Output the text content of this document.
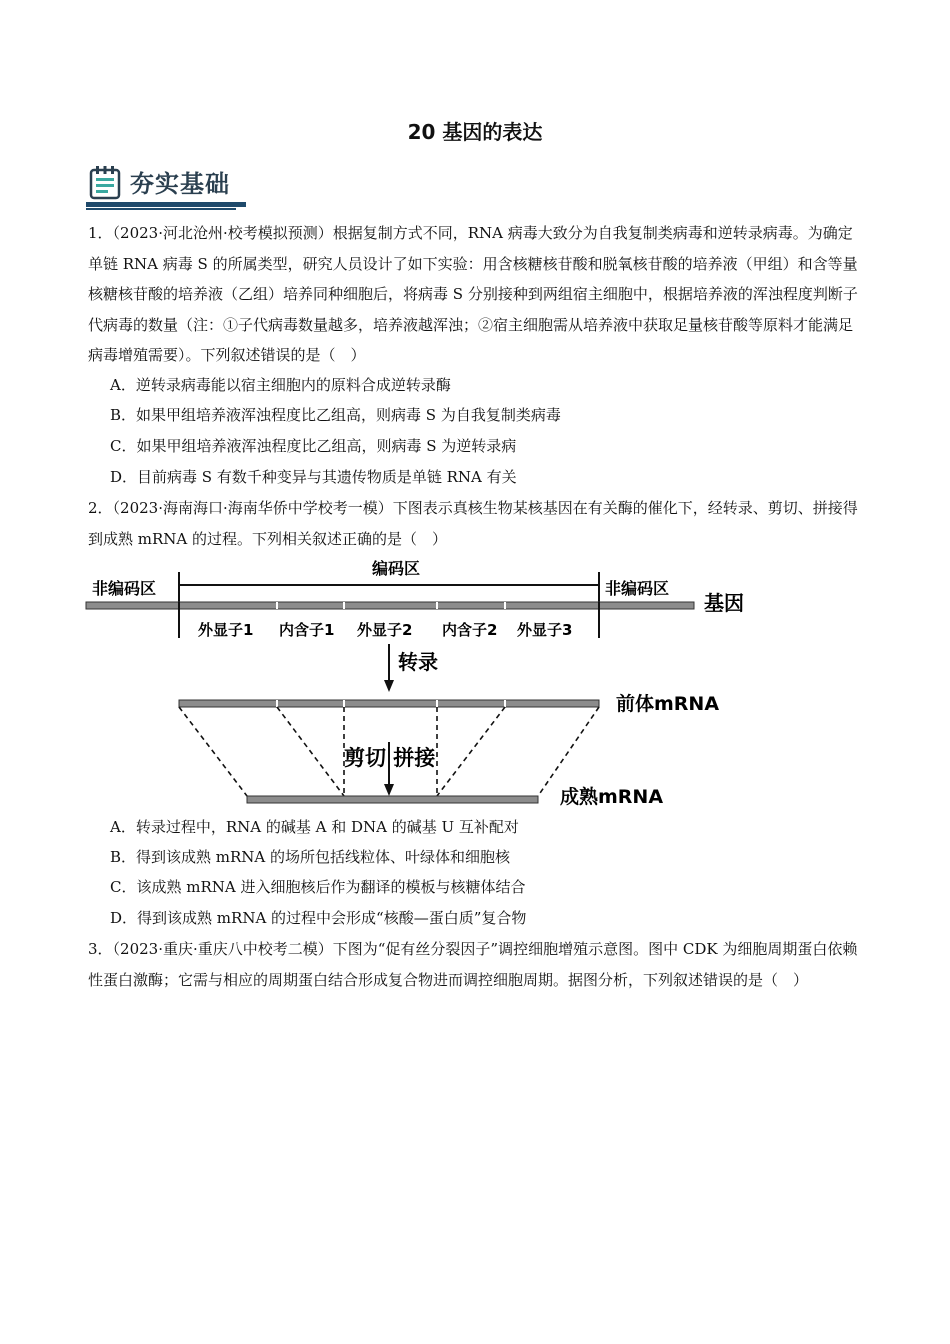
20 基因的表达
夯实基础
1．（2023·河北沧州·校考模拟预测）根据复制方式不同，RNA 病毒大致分为自我复制类病毒和逆转录病毒。为确定单链 RNA 病毒 S 的所属类型，研究人员设计了如下实验：用含核糖核苷酸和脱氧核苷酸的培养液（甲组）和含等量核糖核苷酸的培养液（乙组）培养同种细胞后，将病毒 S 分别接种到两组宿主细胞中，根据培养液的浑浊程度判断子代病毒的数量（注：①子代病毒数量越多，培养液越浑浊；②宿主细胞需从培养液中获取足量核苷酸等原料才能满足病毒增殖需要）。下列叙述错误的是（　）
A．逆转录病毒能以宿主细胞内的原料合成逆转录酶
B．如果甲组培养液浑浊程度比乙组高，则病毒 S 为自我复制类病毒
C．如果甲组培养液浑浊程度比乙组高，则病毒 S 为逆转录病
D．目前病毒 S 有数千种变异与其遗传物质是单链 RNA 有关
2．（2023·海南海口·海南华侨中学校考一模）下图表示真核生物某核基因在有关酶的催化下，经转录、剪切、拼接得到成熟 mRNA 的过程。下列相关叙述正确的是（　）
非编码区
编码区
非编码区
基因
外显子1 内含子1 外显子2 内含子2 外显子3
转录
前体mRNA
剪切 拼接
成熟mRNA
A．转录过程中，RNA 的碱基 A 和 DNA 的碱基 U 互补配对
B．得到该成熟 mRNA 的场所包括线粒体、叶绿体和细胞核
C．该成熟 mRNA 进入细胞核后作为翻译的模板与核糖体结合
D．得到该成熟 mRNA 的过程中会形成“核酸—蛋白质”复合物
3．（2023·重庆·重庆八中校考二模）下图为“促有丝分裂因子”调控细胞增殖示意图。图中 CDK 为细胞周期蛋白依赖性蛋白激酶；它需与相应的周期蛋白结合形成复合物进而调控细胞周期。据图分析，下列叙述错误的是（　）
